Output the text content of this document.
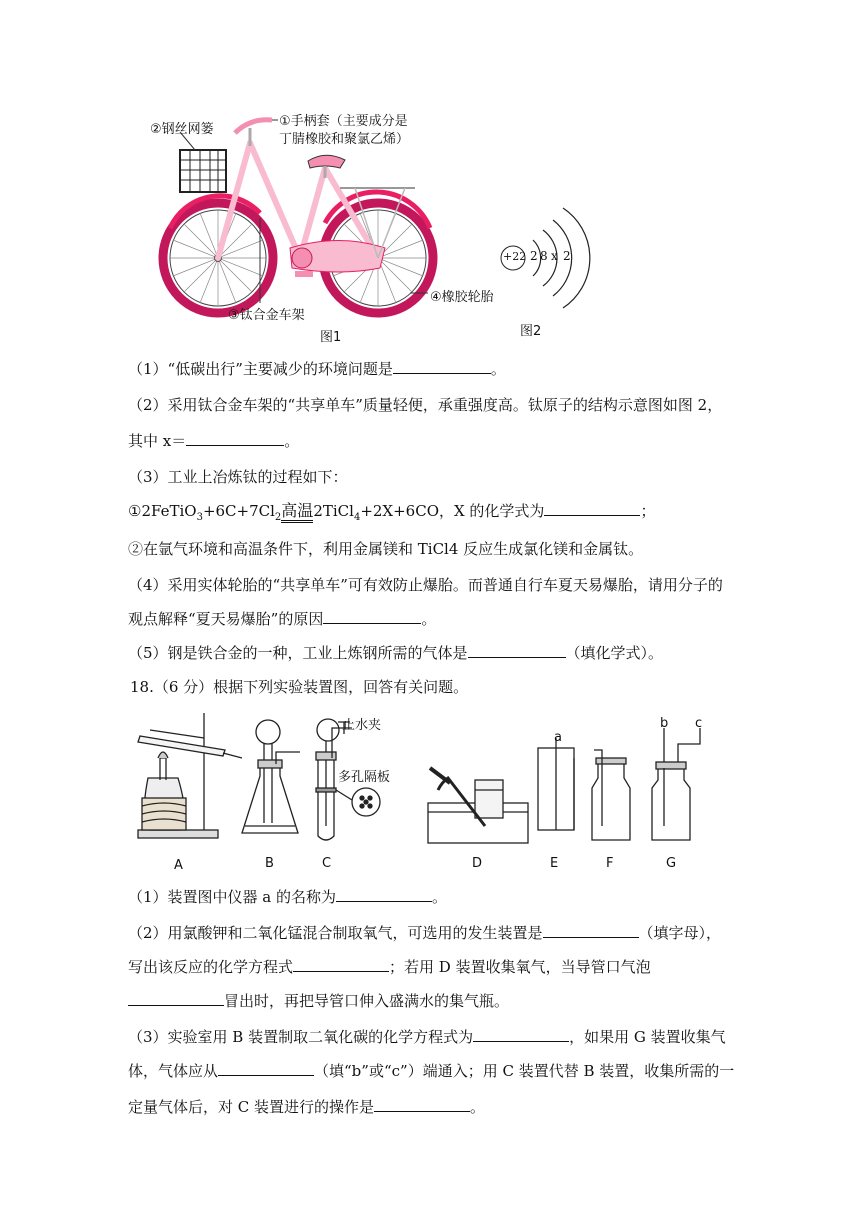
②钢丝网篓
①手柄套（主要成分是
丁腈橡胶和聚氯乙烯）
③钛合金车架
④橡胶轮胎
图1
+22 2 8 x 2
图2
（1）“低碳出行”主要减少的环境问题是	。
（2）采用钛合金车架的“共享单车”质量轻便，承重强度高。钛原子的结构示意图如图 2，
其中 x＝	。
（3）工业上冶炼钛的过程如下：
$①2FeTiO_3+6C+7Cl_2$高温2TiCl$_4$+2X+6CO，X 的化学式为	；
②在氩气环境和高温条件下，利用金属镁和 TiCl4 反应生成氯化镁和金属钛。
（4）采用实体轮胎的“共享单车”可有效防止爆胎。而普通自行车夏天易爆胎，请用分子的
观点解释“夏天易爆胎”的原因	。
（5）钢是铁合金的一种，工业上炼钢所需的气体是	（填化学式）。
18.（6 分）根据下列实验装置图，回答有关问题。
止水夹
多孔隔板
a
b c
A	B	C	D	E	F	G
（1）装置图中仪器 a 的名称为	。
（2）用氯酸钾和二氧化锰混合制取氧气，可选用的发生装置是	（填字母），
写出该反应的化学方程式	；若用 D 装置收集氧气，当导管口气泡
冒出时，再把导管口伸入盛满水的集气瓶。
（3）实验室用 B 装置制取二氧化碳的化学方程式为	，如果用 G 装置收集气
体，气体应从	（填“b”或“c”）端通入；用 C 装置代替 B 装置，收集所需的一
定量气体后，对 C 装置进行的操作是	。
